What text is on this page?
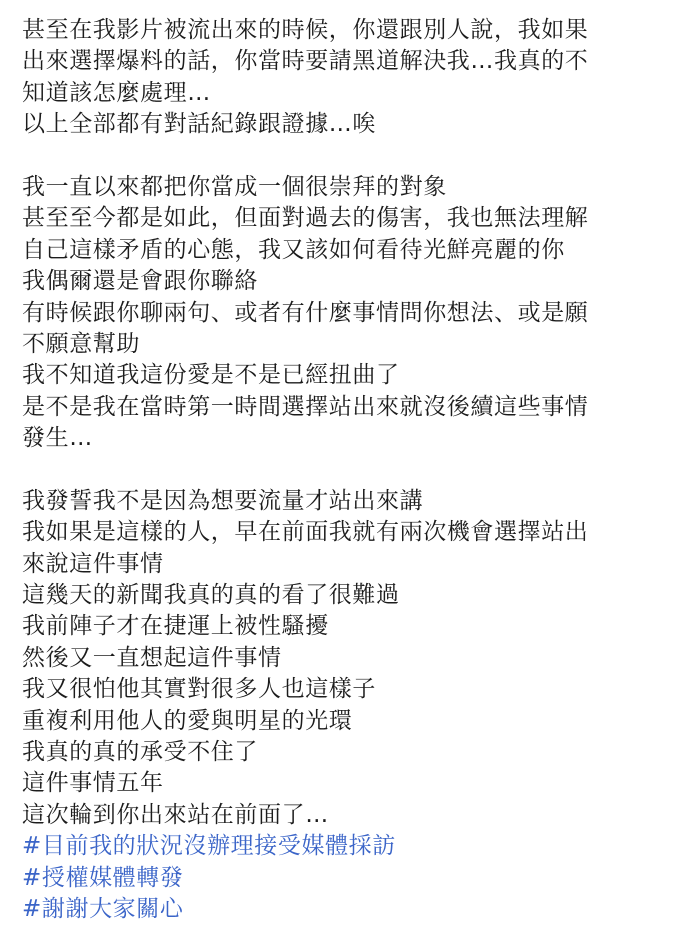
甚至在我影片被流出來的時候，你還跟別人說，我如果
出來選擇爆料的話，你當時要請黑道解決我…我真的不
知道該怎麼處理…
以上全部都有對話紀錄跟證據…唉
我一直以來都把你當成一個很崇拜的對象
甚至至今都是如此，但面對過去的傷害，我也無法理解
自己這樣矛盾的心態，我又該如何看待光鮮亮麗的你
我偶爾還是會跟你聯絡
有時候跟你聊兩句、或者有什麼事情問你想法、或是願
不願意幫助
我不知道我這份愛是不是已經扭曲了
是不是我在當時第一時間選擇站出來就沒後續這些事情
發生…
我發誓我不是因為想要流量才站出來講
我如果是這樣的人，早在前面我就有兩次機會選擇站出
來說這件事情
這幾天的新聞我真的真的看了很難過
我前陣子才在捷運上被性騷擾
然後又一直想起這件事情
我又很怕他其實對很多人也這樣子
重複利用他人的愛與明星的光環
我真的真的承受不住了
這件事情五年
這次輪到你出來站在前面了…
#目前我的狀況沒辦理接受媒體採訪
#授權媒體轉發
#謝謝大家關心
